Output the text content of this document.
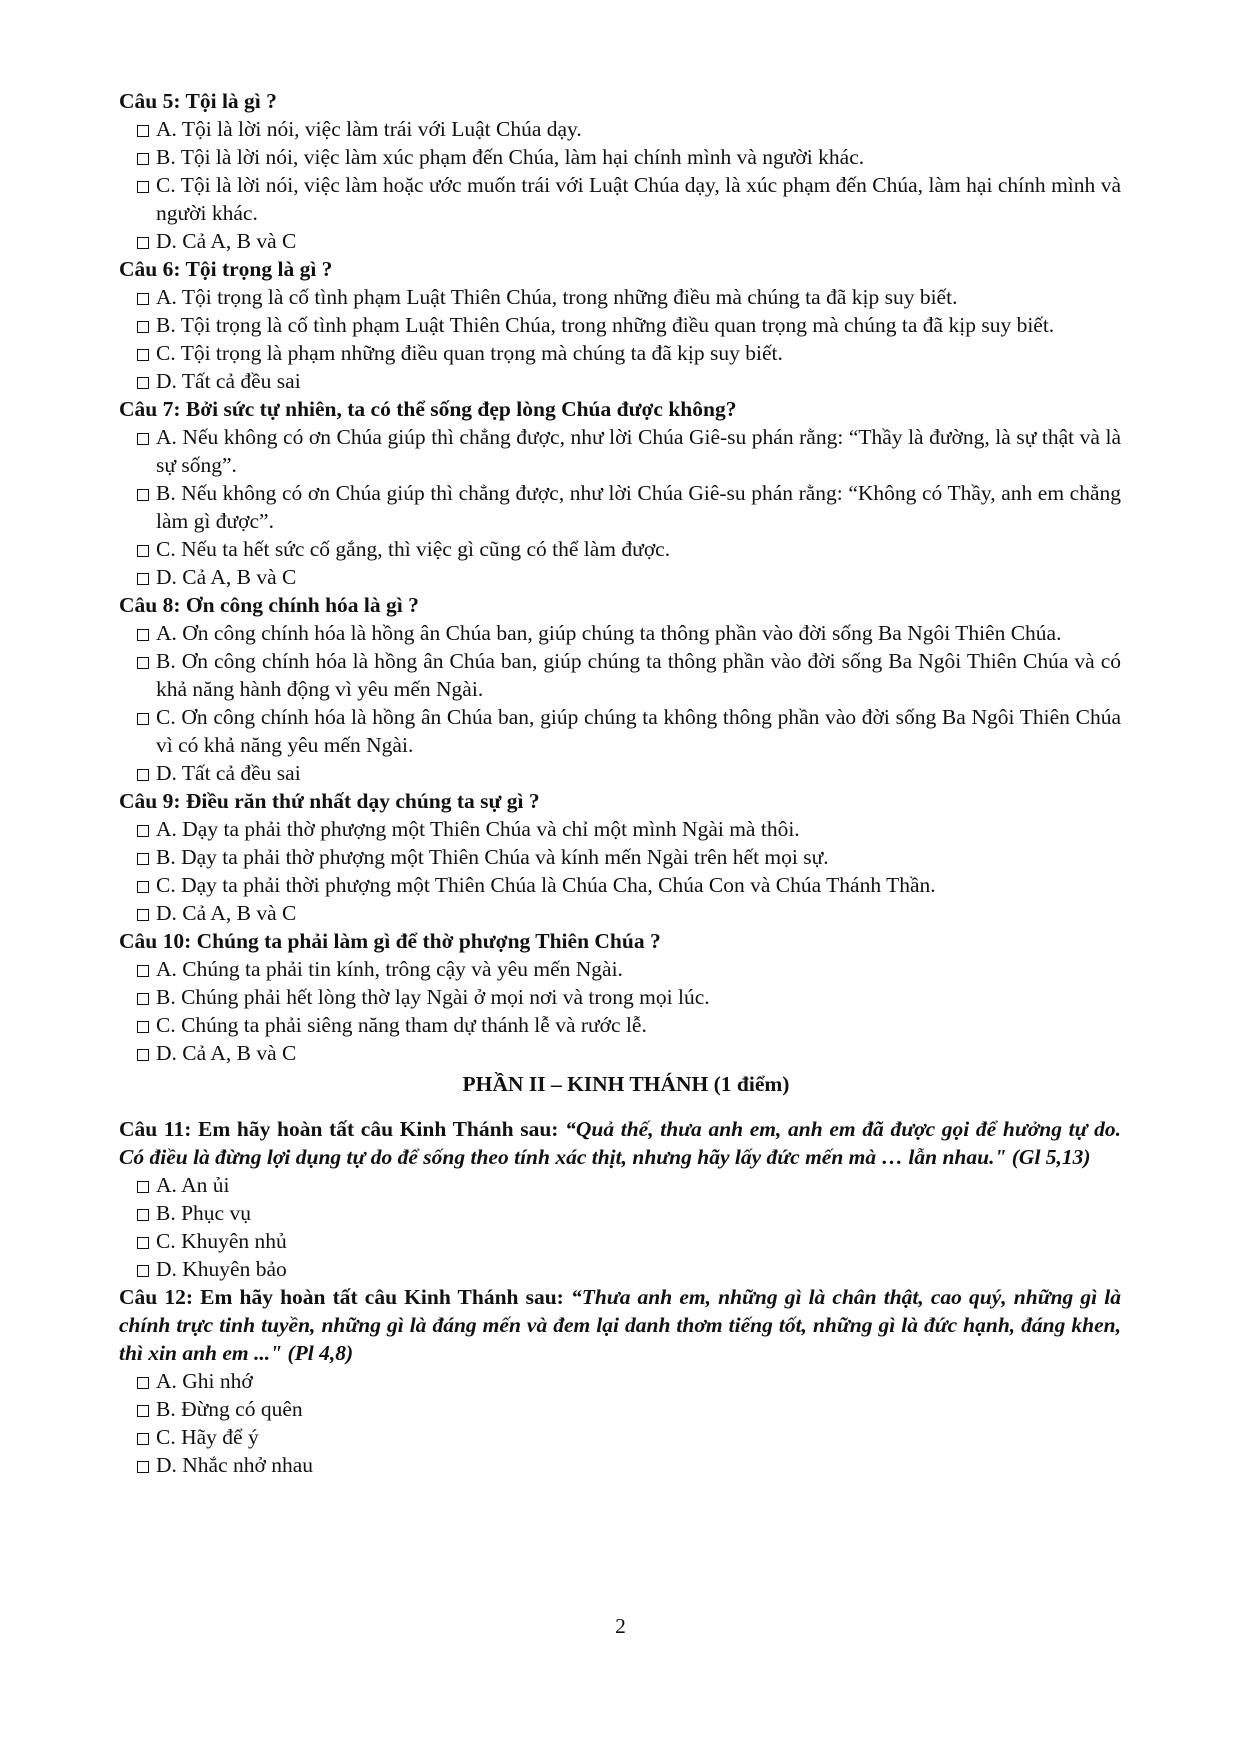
Câu 5: Tội là gì ?
A. Tội là lời nói, việc làm trái với Luật Chúa dạy.
B. Tội là lời nói, việc làm xúc phạm đến Chúa, làm hại chính mình và người khác.
C. Tội là lời nói, việc làm hoặc ước muốn trái với Luật Chúa dạy, là xúc phạm đến Chúa, làm hại chính mình và người khác.
D. Cả A, B và C
Câu 6: Tội trọng là gì ?
A. Tội trọng là cố tình phạm Luật Thiên Chúa, trong những điều mà chúng ta đã kịp suy biết.
B. Tội trọng là cố tình phạm Luật Thiên Chúa, trong những điều quan trọng mà chúng ta đã kịp suy biết.
C. Tội trọng là phạm những điều quan trọng mà chúng ta đã kịp suy biết.
D. Tất cả đều sai
Câu 7: Bởi sức tự nhiên, ta có thể sống đẹp lòng Chúa được không?
A. Nếu không có ơn Chúa giúp thì chẳng được, như lời Chúa Giê-su phán rằng: “Thầy là đường, là sự thật và là sự sống”.
B. Nếu không có ơn Chúa giúp thì chẳng được, như lời Chúa Giê-su phán rằng: “Không có Thầy, anh em chẳng làm gì được”.
C. Nếu ta hết sức cố gắng, thì việc gì cũng có thể làm được.
D. Cả A, B và C
Câu 8: Ơn công chính hóa là gì ?
A. Ơn công chính hóa là hồng ân Chúa ban, giúp chúng ta thông phần vào đời sống Ba Ngôi Thiên Chúa.
B. Ơn công chính hóa là hồng ân Chúa ban, giúp chúng ta thông phần vào đời sống Ba Ngôi Thiên Chúa và có khả năng hành động vì yêu mến Ngài.
C. Ơn công chính hóa là hồng ân Chúa ban, giúp chúng ta không thông phần vào đời sống Ba Ngôi Thiên Chúa vì có khả năng yêu mến Ngài.
D. Tất cả đều sai
Câu 9: Điều răn thứ nhất dạy chúng ta sự gì ?
A. Dạy ta phải thờ phượng một Thiên Chúa và chỉ một mình Ngài mà thôi.
B. Dạy ta phải thờ phượng một Thiên Chúa và kính mến Ngài trên hết mọi sự.
C. Dạy ta phải thời phượng một Thiên Chúa là Chúa Cha, Chúa Con và Chúa Thánh Thần.
D. Cả A, B và C
Câu 10: Chúng ta phải làm gì để thờ phượng Thiên Chúa ?
A. Chúng ta phải tin kính, trông cậy và yêu mến Ngài.
B. Chúng phải hết lòng thờ lạy Ngài ở mọi nơi và trong mọi lúc.
C. Chúng ta phải siêng năng tham dự thánh lễ và rước lễ.
D. Cả A, B và C
PHẦN II – KINH THÁNH (1 điểm)
Câu 11: Em hãy hoàn tất câu Kinh Thánh sau: “Quả thế, thưa anh em, anh em đã được gọi để hưởng tự do. Có điều là đừng lợi dụng tự do để sống theo tính xác thịt, nhưng hãy lấy đức mến mà … lẫn nhau." (Gl 5,13)
A. An ủi
B. Phục vụ
C. Khuyên nhủ
D. Khuyên bảo
Câu 12: Em hãy hoàn tất câu Kinh Thánh sau: “Thưa anh em, những gì là chân thật, cao quý, những gì là chính trực tinh tuyền, những gì là đáng mến và đem lại danh thơm tiếng tốt, những gì là đức hạnh, đáng khen, thì xin anh em ..." (Pl 4,8)
A. Ghi nhớ
B. Đừng có quên
C. Hãy để ý
D. Nhắc nhở nhau
2
